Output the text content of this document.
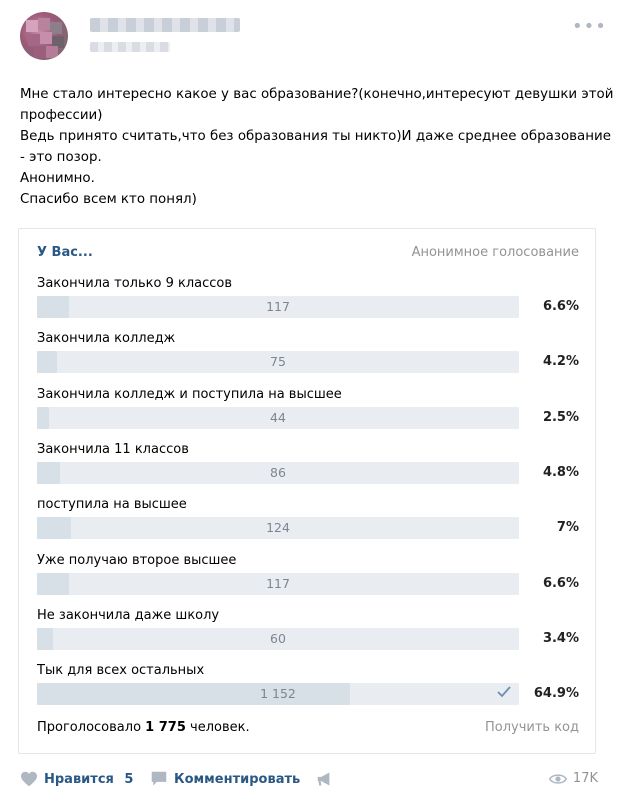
•••
Мне стало интересно какое у вас образование?(конечно,интересуют девушки этой
профессии)
Ведь принято считать,что без образования ты никто)И даже среднее образование
- это позор.
Анонимно.
Спасибо всем кто понял)
У Вас...	Анонимное голосование
Закончила только 9 классов
117	6.6%
Закончила колледж
75	4.2%
Закончила колледж и поступила на высшее
44	2.5%
Закончила 11 классов
86	4.8%
поступила на высшее
124	7%
Уже получаю второе высшее
117	6.6%
Не закончила даже школу
60	3.4%
Тык для всех остальных
1 152	64.9%
Проголосовало 1 775 человек.	Получить код
Нравится 5	Комментировать	17K
